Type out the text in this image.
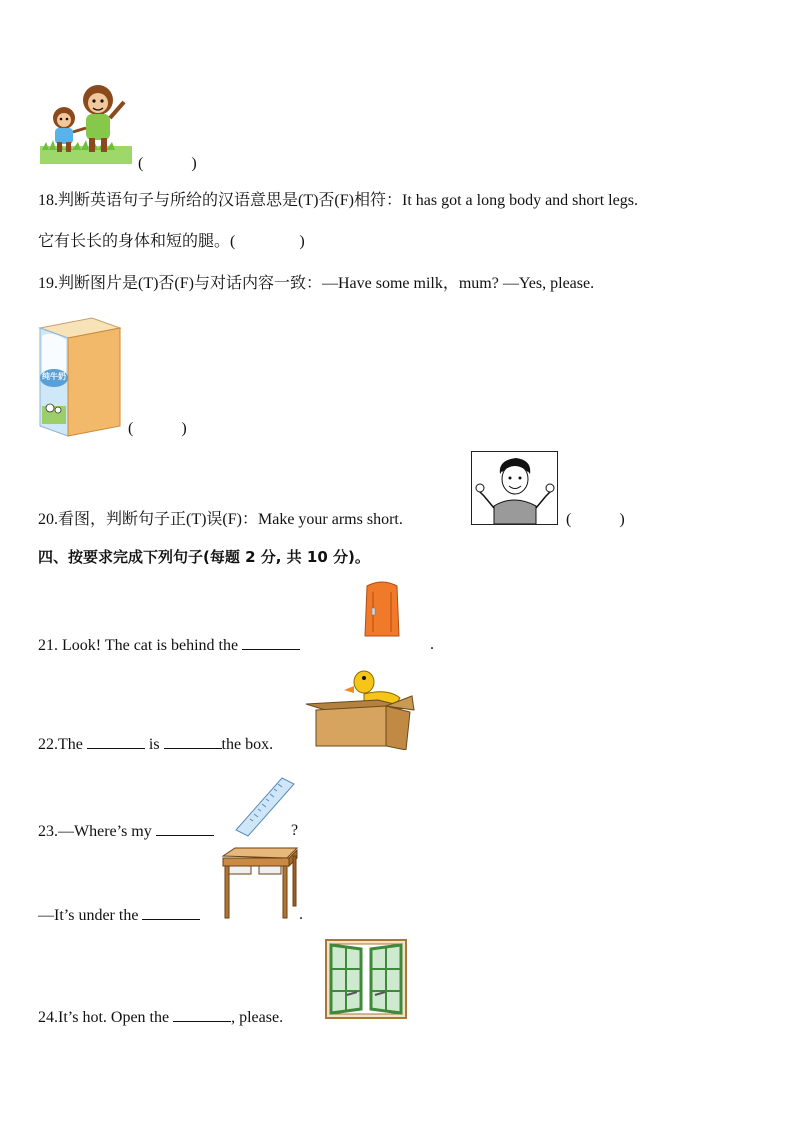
(　　　)
18.判断英语句子与所给的汉语意思是(T)否(F)相符：It has got a long body and short legs.
它有长长的身体和短的腿。(　　　　)
19.判断图片是(T)否(F)与对话内容一致：—Have some milk，mum? —Yes, please.
纯牛奶
(　　　)
20.看图，判断句子正(T)误(F)：Make your arms short.	(　　　)
四、按要求完成下列句子(每题 2 分, 共 10 分)。
21. Look! The cat is behind the	.
22.The	is	the box.
23.—Where’s my	?
—It’s under the	.
24.It’s hot. Open the	, please.
